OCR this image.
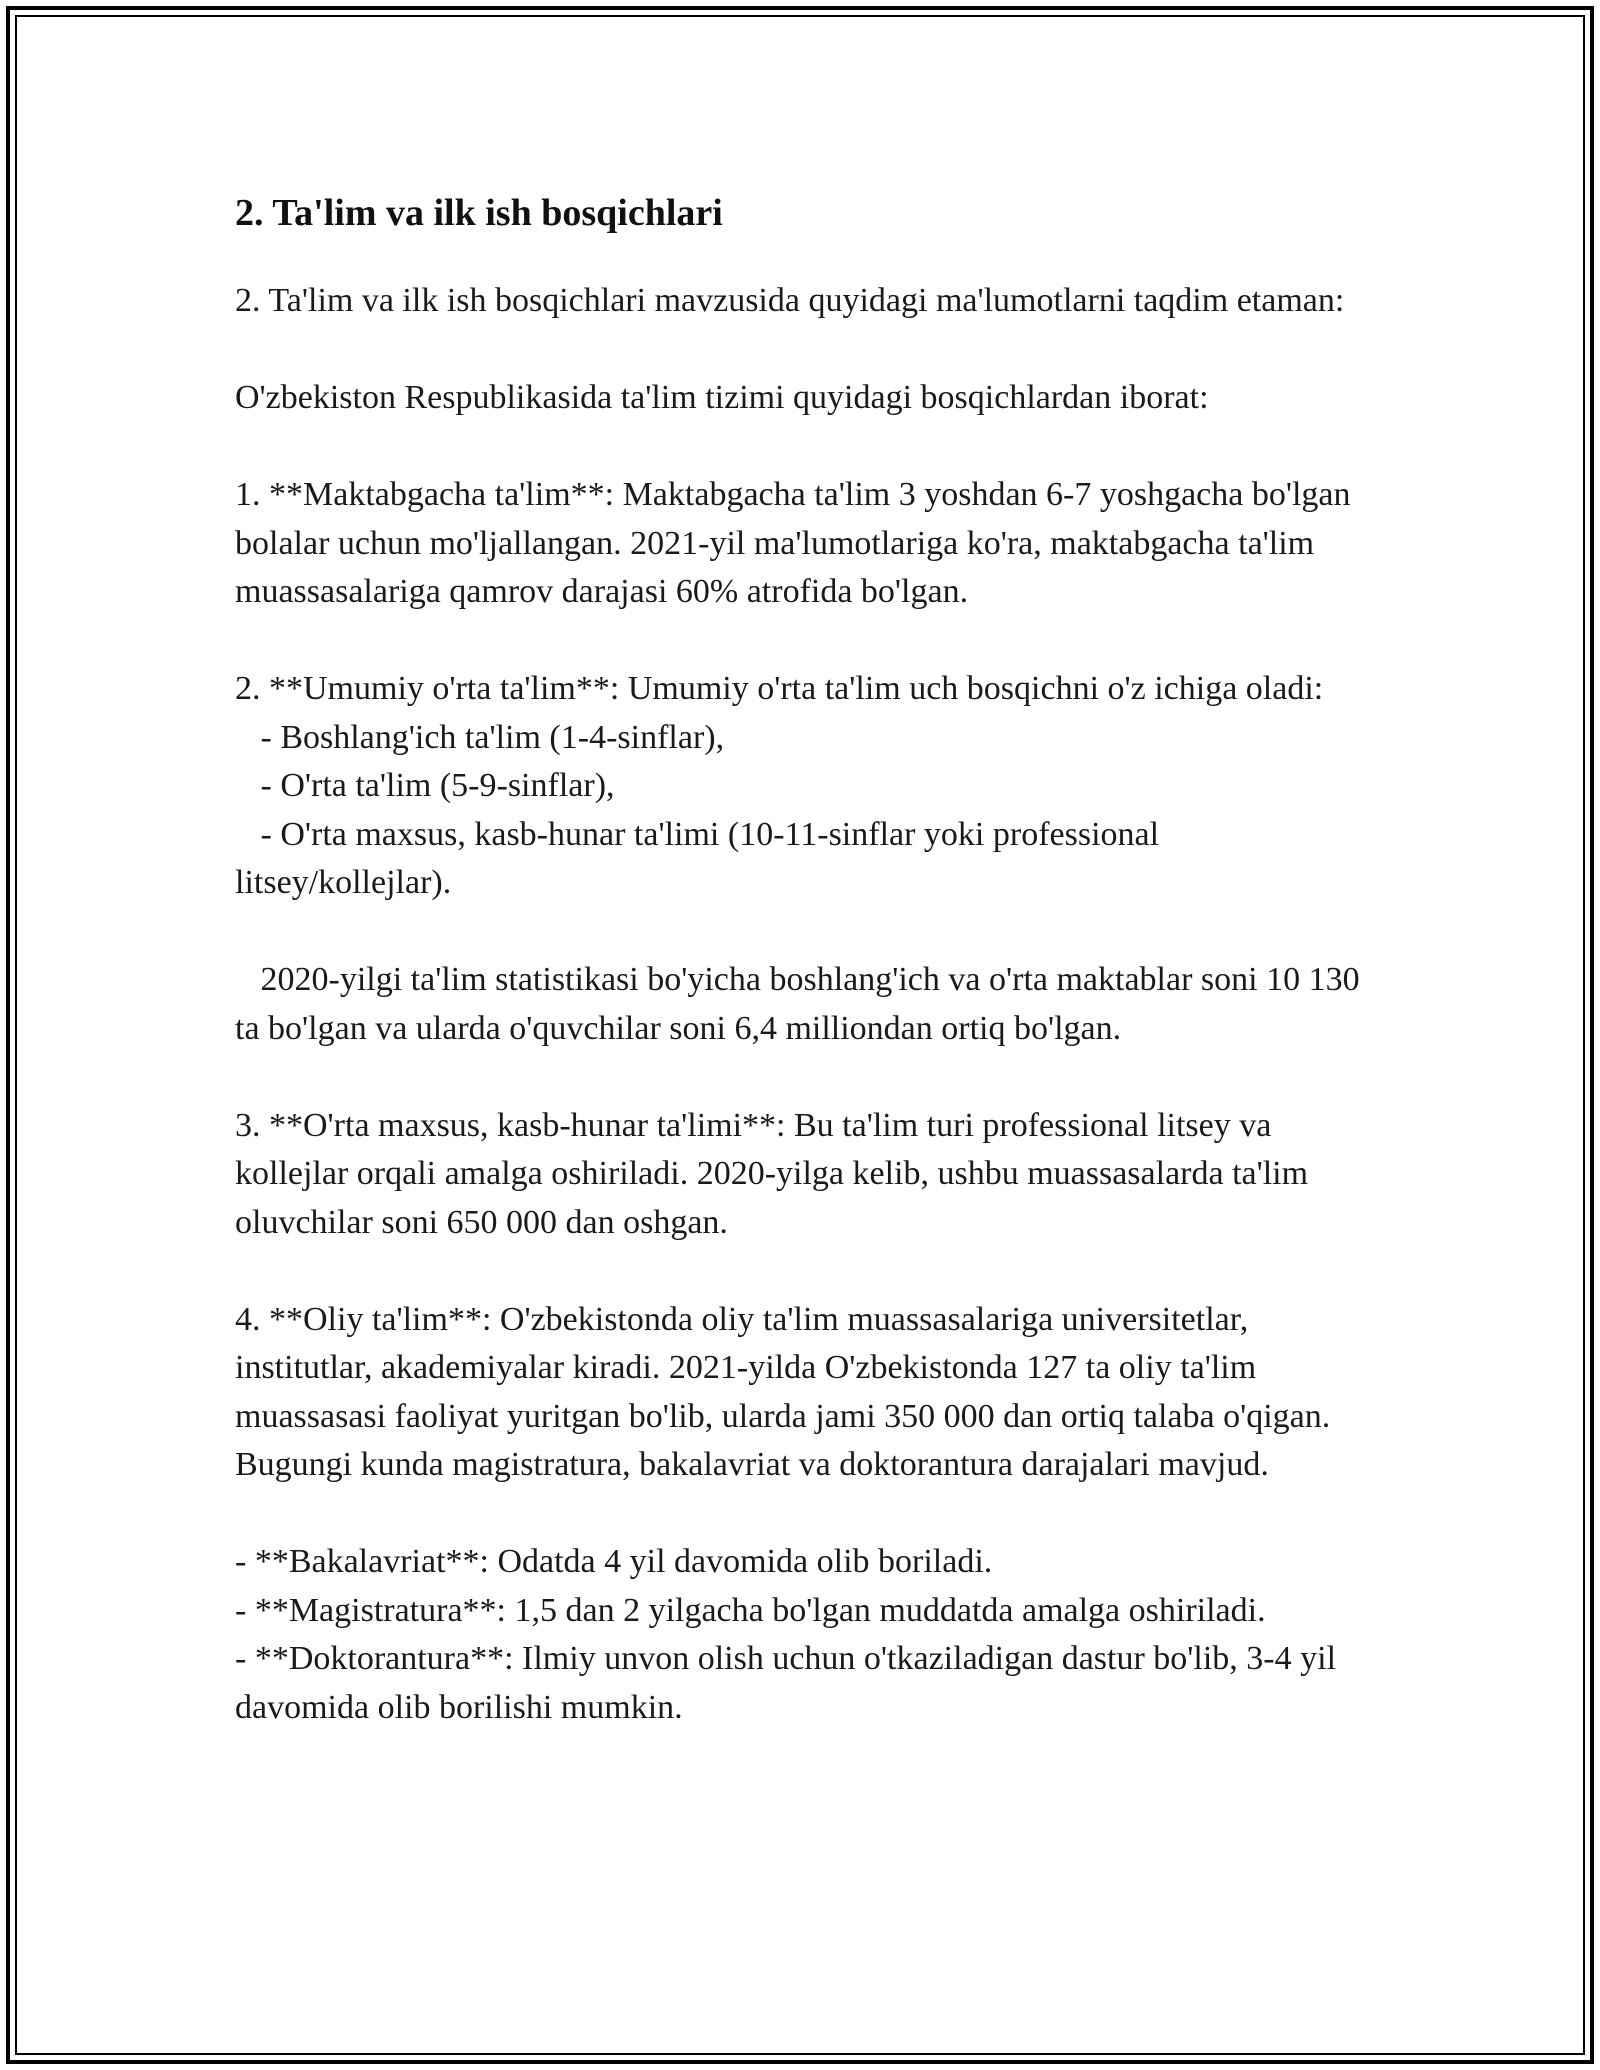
2. Ta'lim va ilk ish bosqichlari

2. Ta'lim va ilk ish bosqichlari mavzusida quyidagi ma'lumotlarni taqdim etaman:

O'zbekiston Respublikasida ta'lim tizimi quyidagi bosqichlardan iborat:

1. **Maktabgacha ta'lim**: Maktabgacha ta'lim 3 yoshdan 6-7 yoshgacha bo'lgan bolalar uchun mo'ljallangan. 2021-yil ma'lumotlariga ko'ra, maktabgacha ta'lim muassasalariga qamrov darajasi 60% atrofida bo'lgan.

2. **Umumiy o'rta ta'lim**: Umumiy o'rta ta'lim uch bosqichni o'z ichiga oladi:
- Boshlang'ich ta'lim (1-4-sinflar),
- O'rta ta'lim (5-9-sinflar),
- O'rta maxsus, kasb-hunar ta'limi (10-11-sinflar yoki professional litsey/kollejlar).

2020-yilgi ta'lim statistikasi bo'yicha boshlang'ich va o'rta maktablar soni 10 130 ta bo'lgan va ularda o'quvchilar soni 6,4 milliondan ortiq bo'lgan.

3. **O'rta maxsus, kasb-hunar ta'limi**: Bu ta'lim turi professional litsey va kollejlar orqali amalga oshiriladi. 2020-yilga kelib, ushbu muassasalarda ta'lim oluvchilar soni 650 000 dan oshgan.

4. **Oliy ta'lim**: O'zbekistonda oliy ta'lim muassasalariga universitetlar, institutlar, akademiyalar kiradi. 2021-yilda O'zbekistonda 127 ta oliy ta'lim muassasasi faoliyat yuritgan bo'lib, ularda jami 350 000 dan ortiq talaba o'qigan. Bugungi kunda magistratura, bakalavriat va doktorantura darajalari mavjud.

- **Bakalavriat**: Odatda 4 yil davomida olib boriladi.
- **Magistratura**: 1,5 dan 2 yilgacha bo'lgan muddatda amalga oshiriladi.
- **Doktorantura**: Ilmiy unvon olish uchun o'tkaziladigan dastur bo'lib, 3-4 yil davomida olib borilishi mumkin.
